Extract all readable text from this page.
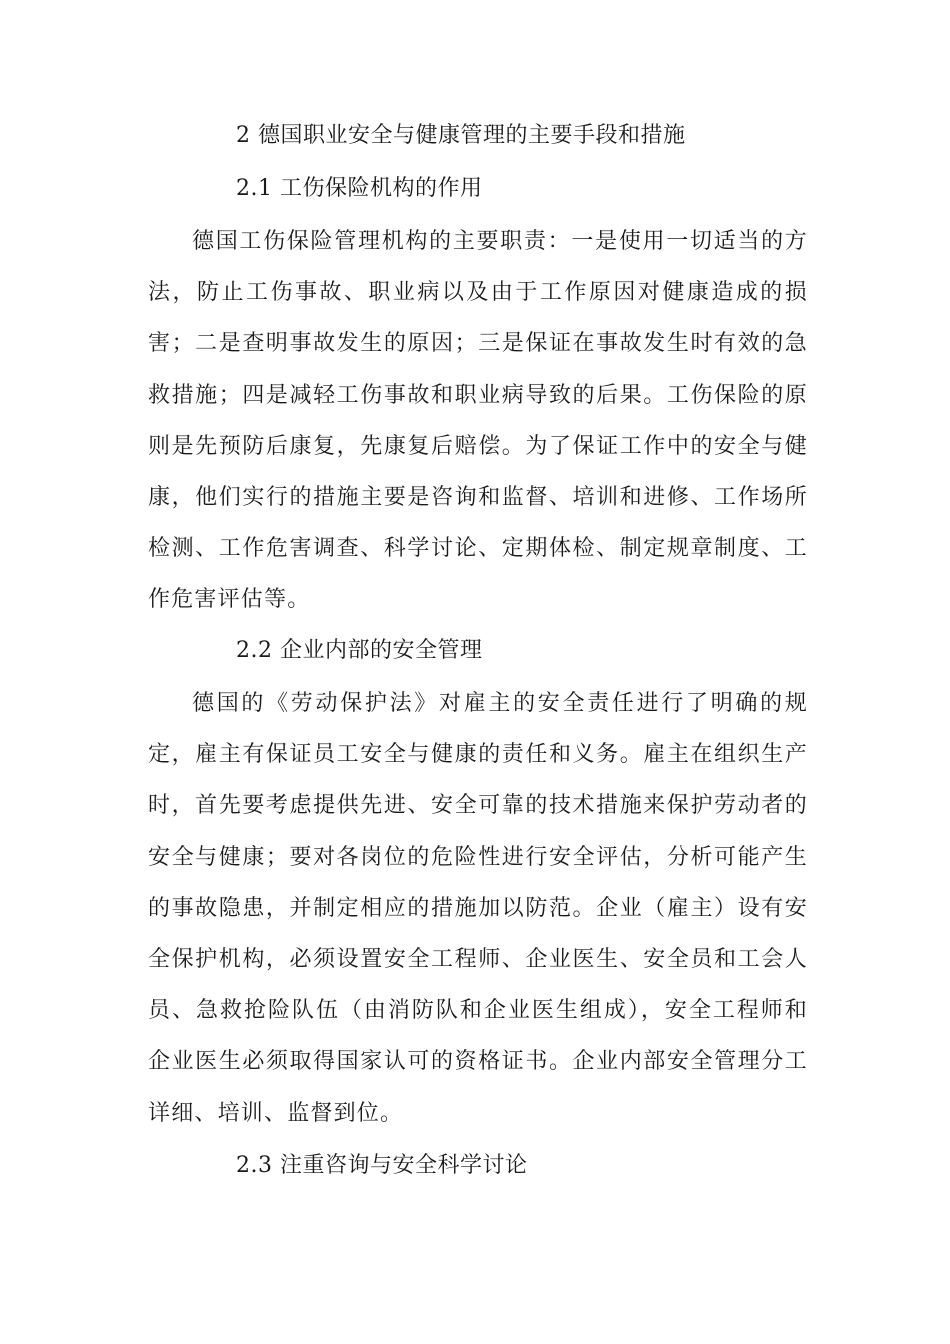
2 德国职业安全与健康管理的主要手段和措施
2.1 工伤保险机构的作用
德国工伤保险管理机构的主要职责：一是使用一切适当的方法，防止工伤事故、职业病以及由于工作原因对健康造成的损害；二是查明事故发生的原因；三是保证在事故发生时有效的急救措施；四是减轻工伤事故和职业病导致的后果。工伤保险的原则是先预防后康复，先康复后赔偿。为了保证工作中的安全与健康，他们实行的措施主要是咨询和监督、培训和进修、工作场所检测、工作危害调查、科学讨论、定期体检、制定规章制度、工作危害评估等。
2.2 企业内部的安全管理
德国的《劳动保护法》对雇主的安全责任进行了明确的规定，雇主有保证员工安全与健康的责任和义务。雇主在组织生产时，首先要考虑提供先进、安全可靠的技术措施来保护劳动者的安全与健康；要对各岗位的危险性进行安全评估，分析可能产生的事故隐患，并制定相应的措施加以防范。企业（雇主）设有安全保护机构，必须设置安全工程师、企业医生、安全员和工会人员、急救抢险队伍（由消防队和企业医生组成），安全工程师和企业医生必须取得国家认可的资格证书。企业内部安全管理分工详细、培训、监督到位。
2.3 注重咨询与安全科学讨论
